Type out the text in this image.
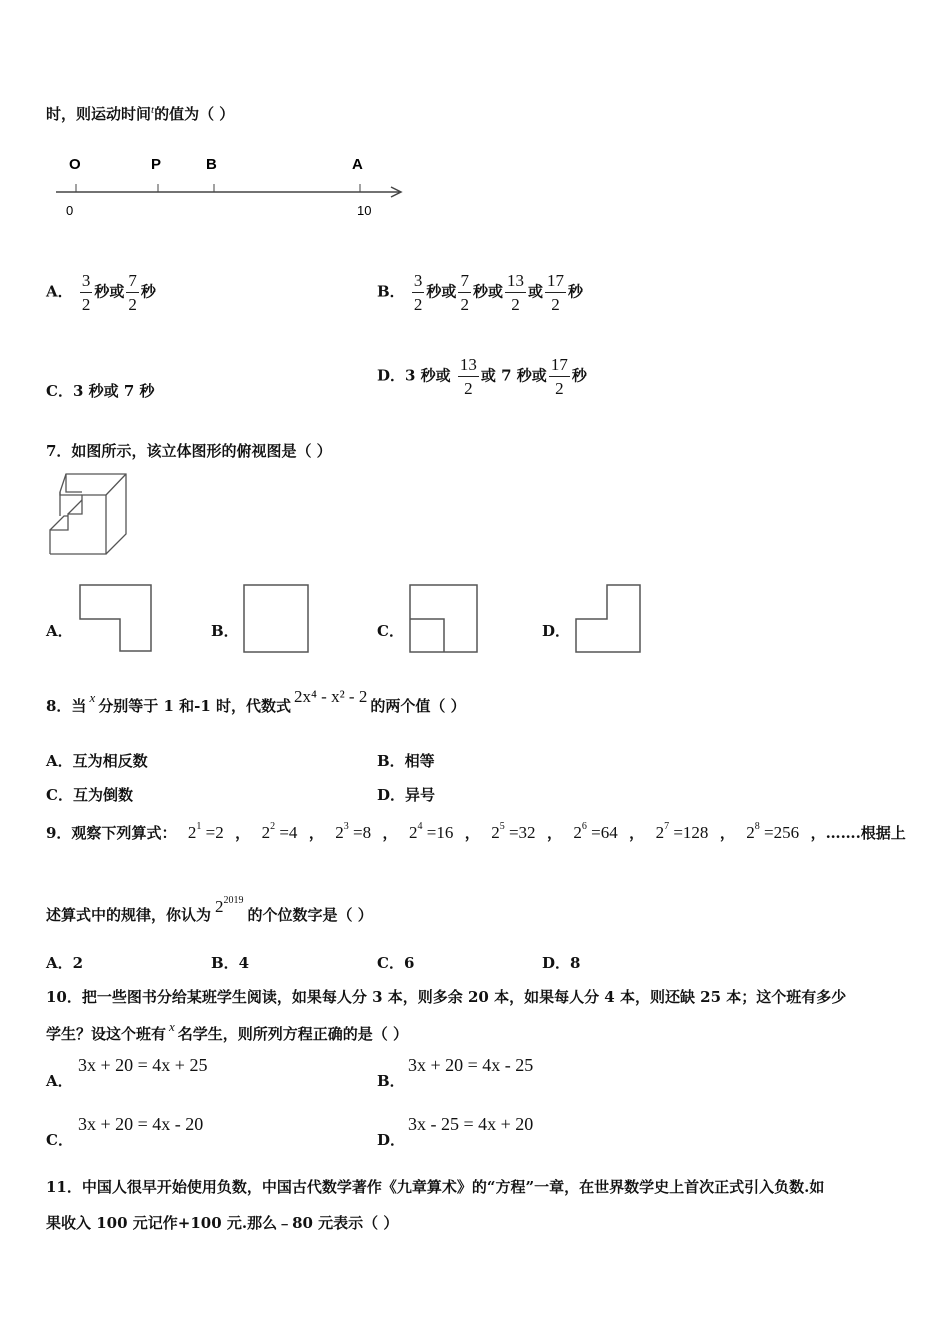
时，则运动时间$^t$的值为（ ）
O	P	B	A
0	10
A． $\frac{3}{2}$ 秒或 $\frac{7}{2}$ 秒	B． $\frac{3}{2}$ 秒或 $\frac{7}{2}$ 秒或 $\frac{13}{2}$ 或 $\frac{17}{2}$ 秒
C．3 秒或 7 秒
D．3 秒或 $\frac{13}{2}$ 或 7 秒或 $\frac{17}{2}$ 秒
7．如图所示，该立体图形的俯视图是（ ）
A．	B．	C．	D．
8．当 x 分别等于 1 和-1 时，代数式 2x⁴ - x² - 2 的两个值（ ）
A．互为相反数	B．相等
C．互为倒数	D．异号
9．观察下列算式： $2^1 =2$ ， $2^2 =4$ ， $2^3 =8$ ， $2^4 =16$ ， $2^5 =32$ ， $2^6 =64$ ， $2^7 =128$ ， $2^8 =256$ ，…….根据上
述算式中的规律，你认为 $2^{2019}$的个位数字是（ ）
A．2	B．4	C．6	D．8
10．把一些图书分给某班学生阅读，如果每人分 3 本，则多余 20 本，如果每人分 4 本，则还缺 25 本；这个班有多少
学生？设这个班有 x 名学生，则所列方程正确的是（ ）
A．
3x + 20 = 4x + 25
B．
3x + 20 = 4x - 25
C．
3x + 20 = 4x - 20
D．
3x - 25 = 4x + 20
11．中国人很早开始使用负数，中国古代数学著作《九章算术》的“方程”一章，在世界数学史上首次正式引入负数.如
果收入 100 元记作+100 元.那么﹣80 元表示（ ）
